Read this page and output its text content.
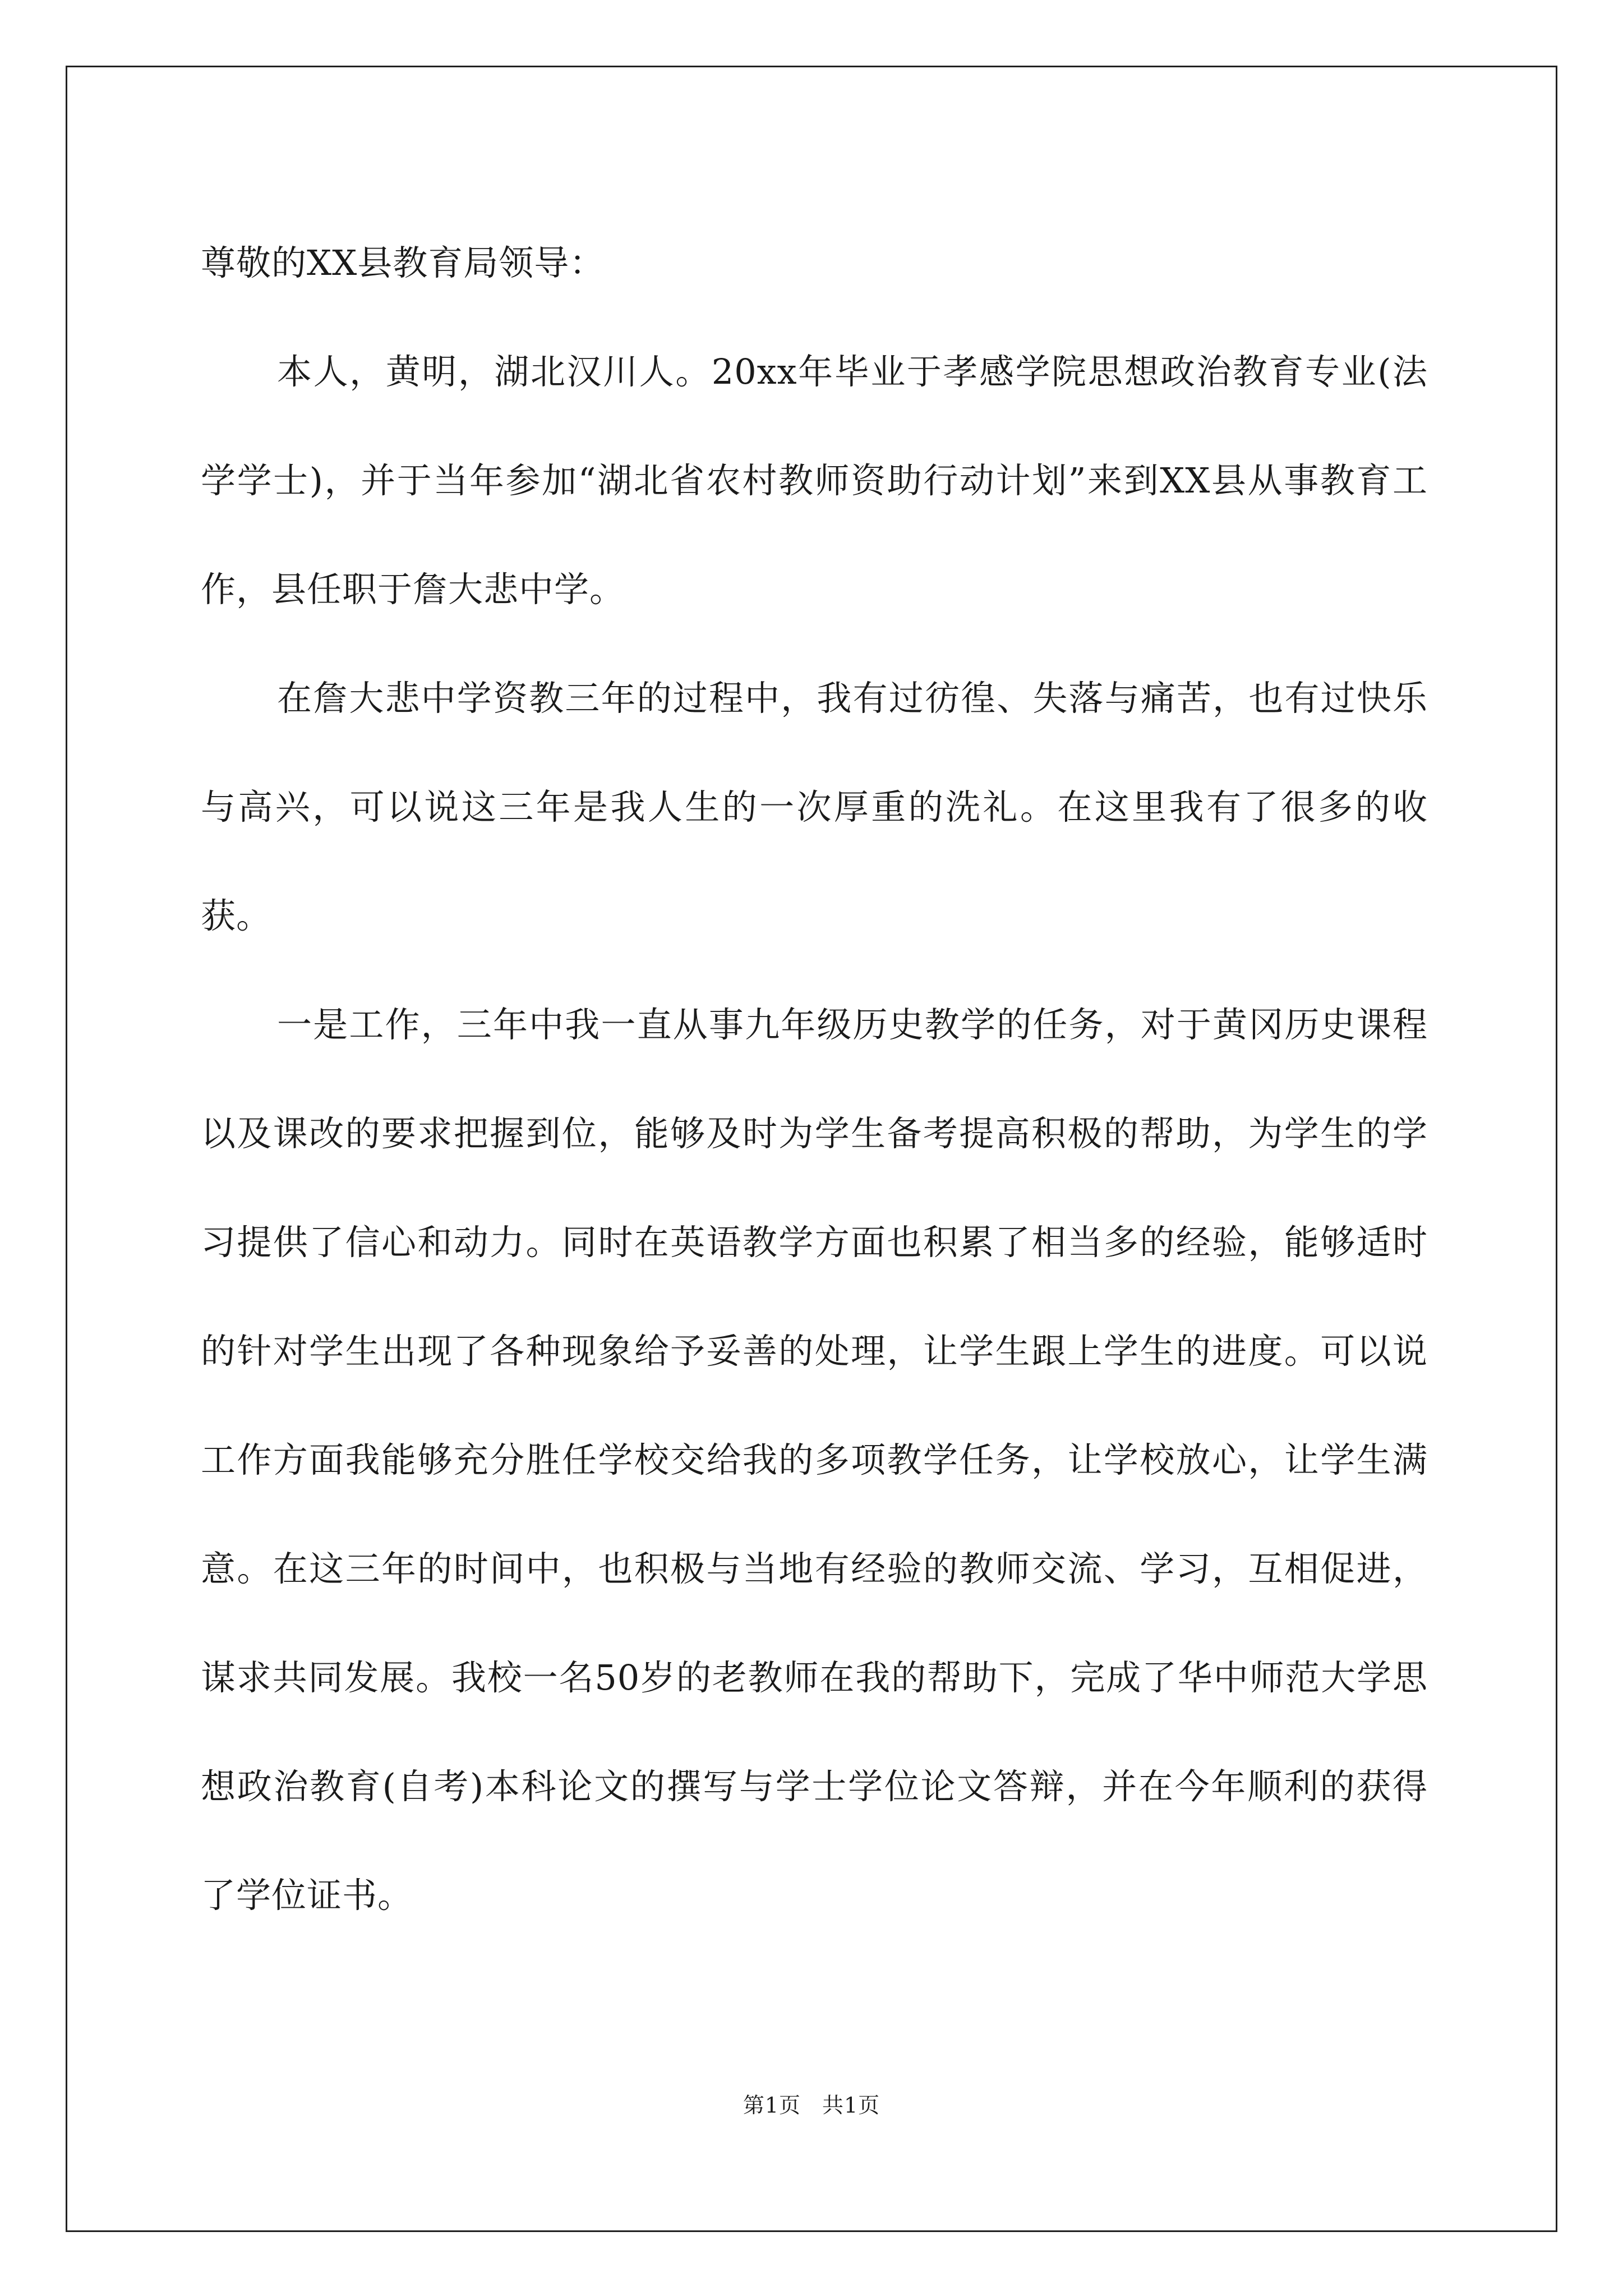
尊敬的XX县教育局领导：

本人，黄明，湖北汉川人。20xx年毕业于孝感学院思想政治教育专业(法学学士)，并于当年参加“湖北省农村教师资助行动计划”来到XX县从事教育工作，县任职于詹大悲中学。

在詹大悲中学资教三年的过程中，我有过彷徨、失落与痛苦，也有过快乐与高兴，可以说这三年是我人生的一次厚重的洗礼。在这里我有了很多的收获。

一是工作，三年中我一直从事九年级历史教学的任务，对于黄冈历史课程以及课改的要求把握到位，能够及时为学生备考提高积极的帮助，为学生的学习提供了信心和动力。同时在英语教学方面也积累了相当多的经验，能够适时的针对学生出现了各种现象给予妥善的处理，让学生跟上学生的进度。可以说工作方面我能够充分胜任学校交给我的多项教学任务，让学校放心，让学生满意。在这三年的时间中，也积极与当地有经验的教师交流、学习，互相促进，谋求共同发展。我校一名50岁的老教师在我的帮助下，完成了华中师范大学思想政治教育(自考)本科论文的撰写与学士学位论文答辩，并在今年顺利的获得了学位证书。

第1页 共1页
